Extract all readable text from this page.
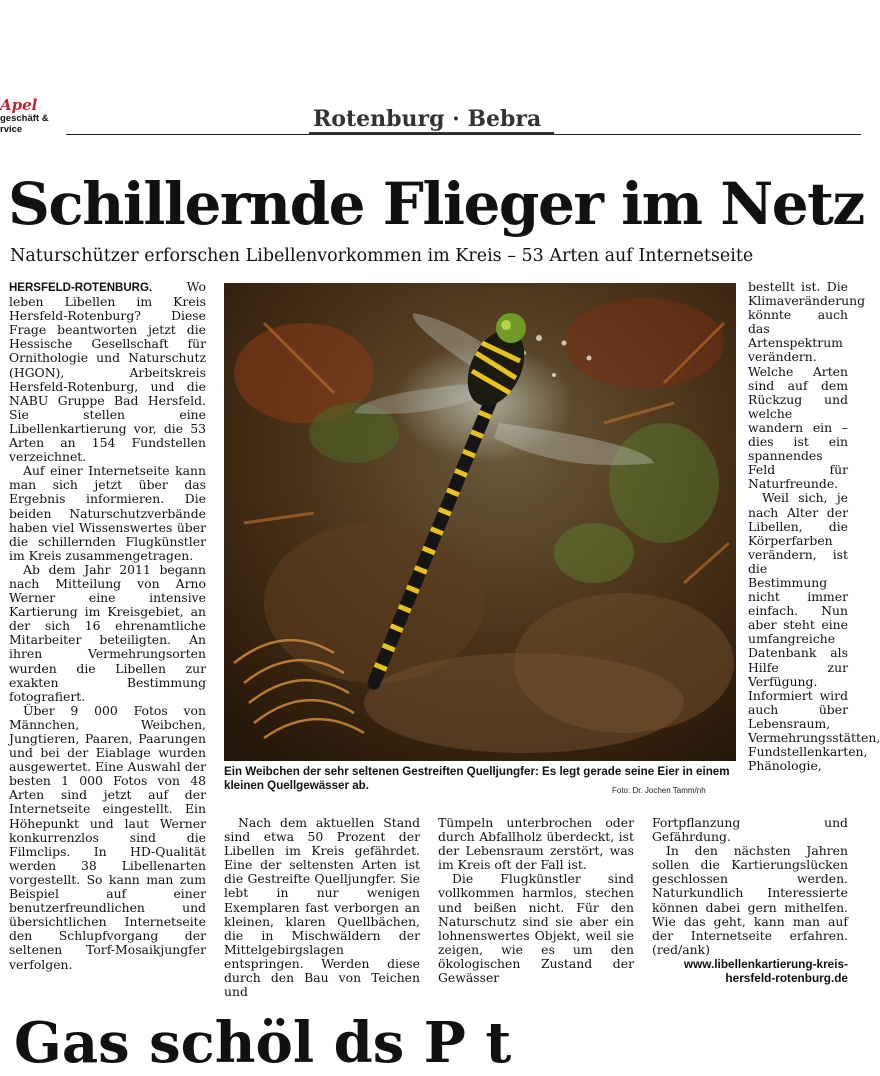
Apel
geschäft &
rvice	Rotenburg · Bebra
Schillernde Flieger im Netz
Naturschützer erforschen Libellenvorkommen im Kreis – 53 Arten auf Internetseite

HERSFELD-ROTENBURG.	Wo leben Libellen im Kreis Hersfeld-Rotenburg? Diese Frage beantworten jetzt die Hessische Gesellschaft für Ornithologie und Naturschutz (HGON), Arbeitskreis Hersfeld-Rotenburg, und die NABU Gruppe Bad Hersfeld. Sie stellen eine Libellenkartierung vor, die 53 Arten an 154 Fundstellen verzeichnet.

Auf einer Internetseite kann man sich jetzt über das Ergebnis informieren. Die beiden Naturschutzverbände haben viel Wissenswertes über die schillernden Flugkünstler im Kreis zusammengetragen.

Ab dem Jahr 2011 begann nach Mitteilung von Arno Werner eine intensive Kartierung im Kreisgebiet, an der sich 16 ehrenamtliche Mitarbeiter beteiligten. An ihren Vermehrungsorten wurden die Libellen zur exakten Bestimmung fotografiert.

Über 9 000 Fotos von Männchen, Weibchen, Jungtieren, Paaren, Paarungen und bei der Eiablage wurden ausgewertet. Eine Auswahl der besten 1 000 Fotos von 48 Arten sind jetzt auf der Internetseite eingestellt. Ein Höhepunkt und laut Werner konkurrenzlos sind die Filmclips. In HD-Qualität werden 38 Libellenarten vorgestellt. So kann man zum Beispiel auf einer benutzerfreundlichen und übersichtlichen Internetseite den Schlupfvorgang der seltenen Torf-Mosaikjungfer verfolgen.

Ein Weibchen der sehr seltenen Gestreiften Quelljungfer: Es legt gerade seine Eier in einem kleinen Quellgewässer ab.	Foto: Dr. Jochen Tamm/nh

bestellt ist. Die Klimaveränderung könnte auch das Artenspektrum verändern. Welche Arten sind auf dem Rückzug und welche wandern ein – dies ist ein spannendes Feld für Naturfreunde.

Weil sich, je nach Alter der Libellen, die Körperfarben verändern, ist die Bestimmung nicht immer einfach. Nun aber steht eine umfangreiche Datenbank als Hilfe zur Verfügung. Informiert wird auch über Lebensraum, Vermehrungsstätten, Fundstellenkarten, Phänologie,

Nach dem aktuellen Stand sind etwa 50 Prozent der Libellen im Kreis gefährdet. Eine der seltensten Arten ist die Gestreifte Quelljungfer. Sie lebt in nur wenigen Exemplaren fast verborgen an kleinen, klaren Quellbächen, die in Mischwäldern der Mittelgebirgslagen entspringen. Werden diese durch den Bau von Teichen und

Tümpeln unterbrochen oder durch Abfallholz überdeckt, ist der Lebensraum zerstört, was im Kreis oft der Fall ist.

Die Flugkünstler sind vollkommen harmlos, stechen und beißen nicht. Für den Naturschutz sind sie aber ein lohnenswertes Objekt, weil sie zeigen, wie es um den ökologischen Zustand der Gewässer

Fortpflanzung und Gefährdung.

In den nächsten Jahren sollen die Kartierungslücken geschlossen werden. Naturkundlich Interessierte können dabei gern mithelfen. Wie das geht, kann man auf der Internetseite erfahren. (red/ank)

www.libellenkartierung-kreis-
hersfeld-rotenburg.de
Gas schöl ds P t
